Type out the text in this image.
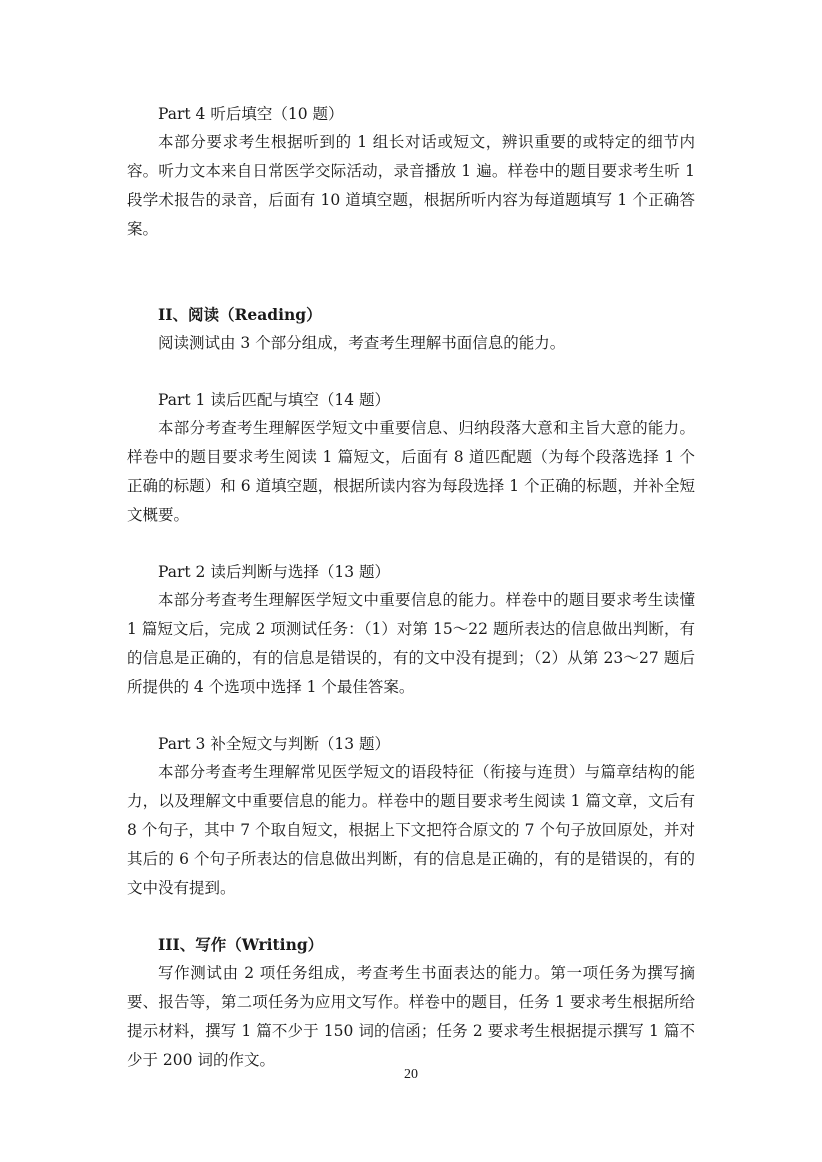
Part 4 听后填空（10 题）

本部分要求考生根据听到的 1 组长对话或短文，辨识重要的或特定的细节内容。听力文本来自日常医学交际活动，录音播放 1 遍。样卷中的题目要求考生听 1 段学术报告的录音，后面有 10 道填空题，根据所听内容为每道题填写 1 个正确答案。

II、阅读（Reading）

阅读测试由 3 个部分组成，考查考生理解书面信息的能力。

Part 1 读后匹配与填空（14 题）

本部分考查考生理解医学短文中重要信息、归纳段落大意和主旨大意的能力。样卷中的题目要求考生阅读 1 篇短文，后面有 8 道匹配题（为每个段落选择 1 个正确的标题）和 6 道填空题，根据所读内容为每段选择 1 个正确的标题，并补全短文概要。

Part 2 读后判断与选择（13 题）

本部分考查考生理解医学短文中重要信息的能力。样卷中的题目要求考生读懂 1 篇短文后，完成 2 项测试任务：（1）对第 15～22 题所表达的信息做出判断，有的信息是正确的，有的信息是错误的，有的文中没有提到；（2）从第 23～27 题后所提供的 4 个选项中选择 1 个最佳答案。

Part 3 补全短文与判断（13 题）

本部分考查考生理解常见医学短文的语段特征（衔接与连贯）与篇章结构的能力，以及理解文中重要信息的能力。样卷中的题目要求考生阅读 1 篇文章，文后有 8 个句子，其中 7 个取自短文，根据上下文把符合原文的 7 个句子放回原处，并对其后的 6 个句子所表达的信息做出判断，有的信息是正确的，有的是错误的，有的文中没有提到。

III、写作（Writing）

写作测试由 2 项任务组成，考查考生书面表达的能力。第一项任务为撰写摘要、报告等，第二项任务为应用文写作。样卷中的题目，任务 1 要求考生根据所给提示材料，撰写 1 篇不少于 150 词的信函；任务 2 要求考生根据提示撰写 1 篇不少于 200 词的作文。

20
